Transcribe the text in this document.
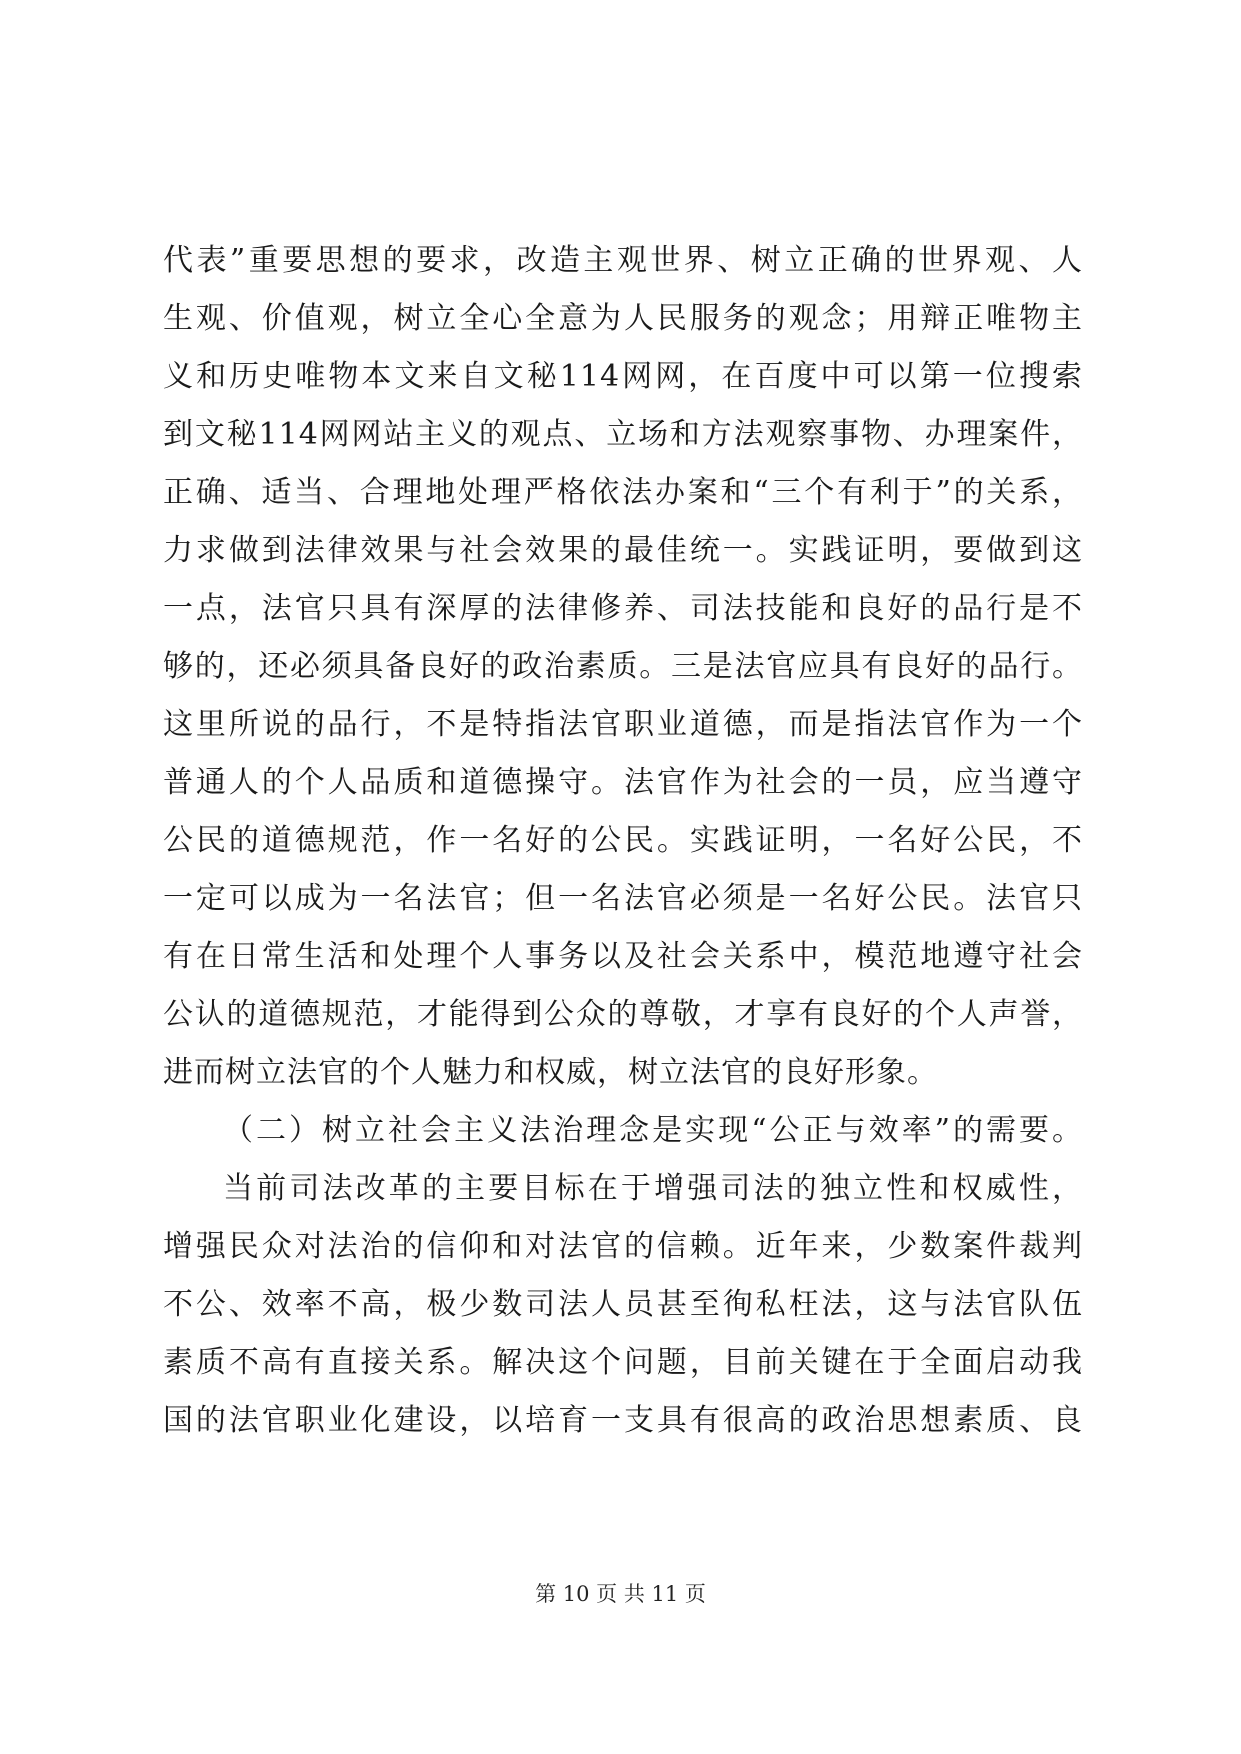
代表”重要思想的要求，改造主观世界、树立正确的世界观、人
生观、价值观，树立全心全意为人民服务的观念；用辩正唯物主
义和历史唯物本文来自文秘114网网，在百度中可以第一位搜索
到文秘114网网站主义的观点、立场和方法观察事物、办理案件，
正确、适当、合理地处理严格依法办案和“三个有利于”的关系，
力求做到法律效果与社会效果的最佳统一。实践证明，要做到这
一点，法官只具有深厚的法律修养、司法技能和良好的品行是不
够的，还必须具备良好的政治素质。三是法官应具有良好的品行。
这里所说的品行，不是特指法官职业道德，而是指法官作为一个
普通人的个人品质和道德操守。法官作为社会的一员，应当遵守
公民的道德规范，作一名好的公民。实践证明，一名好公民，不
一定可以成为一名法官；但一名法官必须是一名好公民。法官只
有在日常生活和处理个人事务以及社会关系中，模范地遵守社会
公认的道德规范，才能得到公众的尊敬，才享有良好的个人声誉，
进而树立法官的个人魅力和权威，树立法官的良好形象。
（二）树立社会主义法治理念是实现“公正与效率”的需要。
当前司法改革的主要目标在于增强司法的独立性和权威性，
增强民众对法治的信仰和对法官的信赖。近年来，少数案件裁判
不公、效率不高，极少数司法人员甚至徇私枉法，这与法官队伍
素质不高有直接关系。解决这个问题，目前关键在于全面启动我
国的法官职业化建设，以培育一支具有很高的政治思想素质、良
第 10 页 共 11 页
